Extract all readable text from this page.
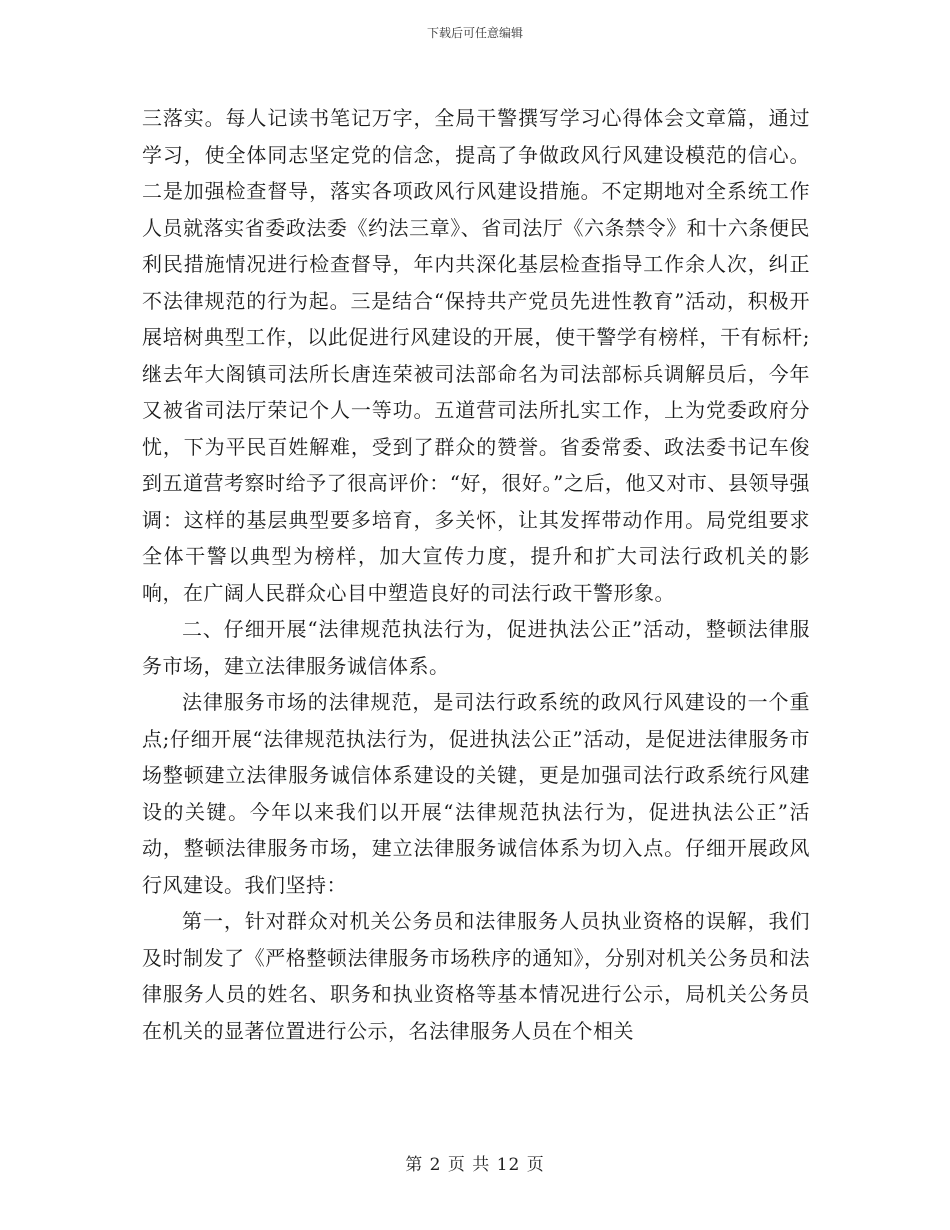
下载后可任意编辑

三落实。每人记读书笔记万字，全局干警撰写学习心得体会文章篇，通过学习，使全体同志坚定党的信念，提高了争做政风行风建设模范的信心。二是加强检查督导，落实各项政风行风建设措施。不定期地对全系统工作人员就落实省委政法委《约法三章》、省司法厅《六条禁令》和十六条便民利民措施情况进行检查督导，年内共深化基层检查指导工作余人次，纠正不法律规范的行为起。三是结合“保持共产党员先进性教育”活动，积极开展培树典型工作，以此促进行风建设的开展，使干警学有榜样，干有标杆;继去年大阁镇司法所长唐连荣被司法部命名为司法部标兵调解员后，今年又被省司法厅荣记个人一等功。五道营司法所扎实工作，上为党委政府分忧，下为平民百姓解难，受到了群众的赞誉。省委常委、政法委书记车俊到五道营考察时给予了很高评价：“好，很好。”之后，他又对市、县领导强调：这样的基层典型要多培育，多关怀，让其发挥带动作用。局党组要求全体干警以典型为榜样，加大宣传力度，提升和扩大司法行政机关的影响，在广阔人民群众心目中塑造良好的司法行政干警形象。

二、仔细开展“法律规范执法行为，促进执法公正”活动，整顿法律服务市场，建立法律服务诚信体系。

法律服务市场的法律规范，是司法行政系统的政风行风建设的一个重点;仔细开展“法律规范执法行为，促进执法公正”活动，是促进法律服务市场整顿建立法律服务诚信体系建设的关键，更是加强司法行政系统行风建设的关键。今年以来我们以开展“法律规范执法行为，促进执法公正”活动，整顿法律服务市场，建立法律服务诚信体系为切入点。仔细开展政风行风建设。我们坚持：

第一，针对群众对机关公务员和法律服务人员执业资格的误解，我们及时制发了《严格整顿法律服务市场秩序的通知》，分别对机关公务员和法律服务人员的姓名、职务和执业资格等基本情况进行公示，局机关公务员在机关的显著位置进行公示，名法律服务人员在个相关

第 2 页 共 12 页
